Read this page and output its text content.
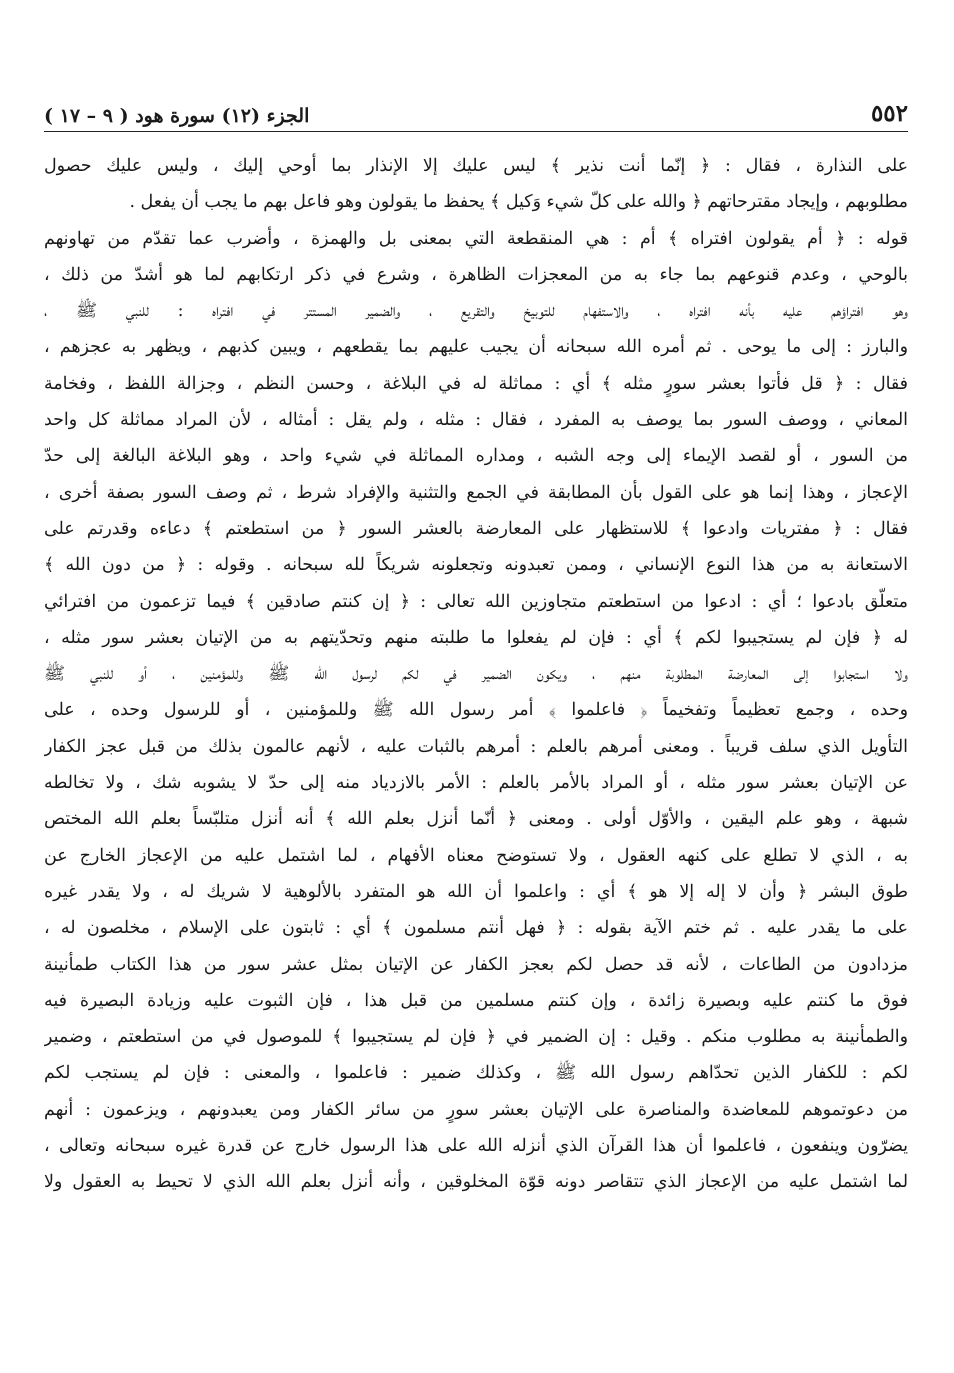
٥٥٢
الجزء (١٢) سورة هود ( ٩ – ١٧ )
على النذارة ، فقال : ﴿ إنّما أنت نذير ﴾ ليس عليك إلا الإنذار بما أوحي إليك ، وليس عليك حصول
مطلوبهم ، وإيجاد مقترحاتهم ﴿ والله على كلّ شيء وَكيل ﴾ يحفظ ما يقولون وهو فاعل بهم ما يجب أن يفعل .
قوله : ﴿ أم يقولون افتراه ﴾ أم : هي المنقطعة التي بمعنى بل والهمزة ، وأضرب عما تقدّم من تهاونهم
بالوحي ، وعدم قنوعهم بما جاء به من المعجزات الظاهرة ، وشرع في ذكر ارتكابهم لما هو أشدّ من ذلك ،
وهو افتراؤهم عليه بأنه افتراه ، والاستفهام للتوبيخ والتقريع ، والضمير المستتر في افتراه : للنبي ﷺ ،
والبارز : إلى ما يوحى . ثم أمره الله سبحانه أن يجيب عليهم بما يقطعهم ، ويبين كذبهم ، ويظهر به عجزهم ،
فقال : ﴿ قل فأتوا بعشر سورٍ مثله ﴾ أي : مماثلة له في البلاغة ، وحسن النظم ، وجزالة اللفظ ، وفخامة
المعاني ، ووصف السور بما يوصف به المفرد ، فقال : مثله ، ولم يقل : أمثاله ، لأن المراد مماثلة كل واحد
من السور ، أو لقصد الإيماء إلى وجه الشبه ، ومداره المماثلة في شيء واحد ، وهو البلاغة البالغة إلى حدّ
الإعجاز ، وهذا إنما هو على القول بأن المطابقة في الجمع والتثنية والإفراد شرط ، ثم وصف السور بصفة أخرى ،
فقال : ﴿ مفتريات وادعوا ﴾ للاستظهار على المعارضة بالعشر السور ﴿ من استطعتم ﴾ دعاءه وقدرتم على
الاستعانة به من هذا النوع الإنساني ، وممن تعبدونه وتجعلونه شريكاً لله سبحانه . وقوله : ﴿ من دون الله ﴾
متعلّق بادعوا ؛ أي : ادعوا من استطعتم متجاوزين الله تعالى : ﴿ إن كنتم صادقين ﴾ فيما تزعمون من افترائي
له ﴿ فإن لم يستجيبوا لكم ﴾ أي : فإن لم يفعلوا ما طلبته منهم وتحدّيتهم به من الإتيان بعشر سور مثله ،
ولا استجابوا إلى المعارضة المطلوبة منهم ، ويكون الضمير في لكم لرسول الله ﷺ وللمؤمنين ، أو للنبي ﷺ
وحده ، وجمع تعظيماً وتفخيماً ﴿ فاعلموا ﴾ أمر رسول الله ﷺ وللمؤمنين ، أو للرسول وحده ، على
التأويل الذي سلف قريباً . ومعنى أمرهم بالعلم : أمرهم بالثبات عليه ، لأنهم عالمون بذلك من قبل عجز الكفار
عن الإتيان بعشر سور مثله ، أو المراد بالأمر بالعلم : الأمر بالازدياد منه إلى حدّ لا يشوبه شك ، ولا تخالطه
شبهة ، وهو علم اليقين ، والأوّل أولى . ومعنى ﴿ أنّما أنزل بعلم الله ﴾ أنه أنزل متلبّساً بعلم الله المختص
به ، الذي لا تطلع على كنهه العقول ، ولا تستوضح معناه الأفهام ، لما اشتمل عليه من الإعجاز الخارج عن
طوق البشر ﴿ وأن لا إله إلا هو ﴾ أي : واعلموا أن الله هو المتفرد بالألوهية لا شريك له ، ولا يقدر غيره
على ما يقدر عليه . ثم ختم الآية بقوله : ﴿ فهل أنتم مسلمون ﴾ أي : ثابتون على الإسلام ، مخلصون له ،
مزدادون من الطاعات ، لأنه قد حصل لكم بعجز الكفار عن الإتيان بمثل عشر سور من هذا الكتاب طمأنينة
فوق ما كنتم عليه وبصيرة زائدة ، وإن كنتم مسلمين من قبل هذا ، فإن الثبوت عليه وزيادة البصيرة فيه
والطمأنينة به مطلوب منكم . وقيل : إن الضمير في ﴿ فإن لم يستجيبوا ﴾ للموصول في من استطعتم ، وضمير
لكم : للكفار الذين تحدّاهم رسول الله ﷺ ، وكذلك ضمير : فاعلموا ، والمعنى : فإن لم يستجب لكم
من دعوتموهم للمعاضدة والمناصرة على الإتيان بعشر سورٍ من سائر الكفار ومن يعبدونهم ، ويزعمون : أنهم
يضرّون وينفعون ، فاعلموا أن هذا القرآن الذي أنزله الله على هذا الرسول خارج عن قدرة غيره سبحانه وتعالى ،
لما اشتمل عليه من الإعجاز الذي تتقاصر دونه قوّة المخلوقين ، وأنه أنزل بعلم الله الذي لا تحيط به العقول ولا
